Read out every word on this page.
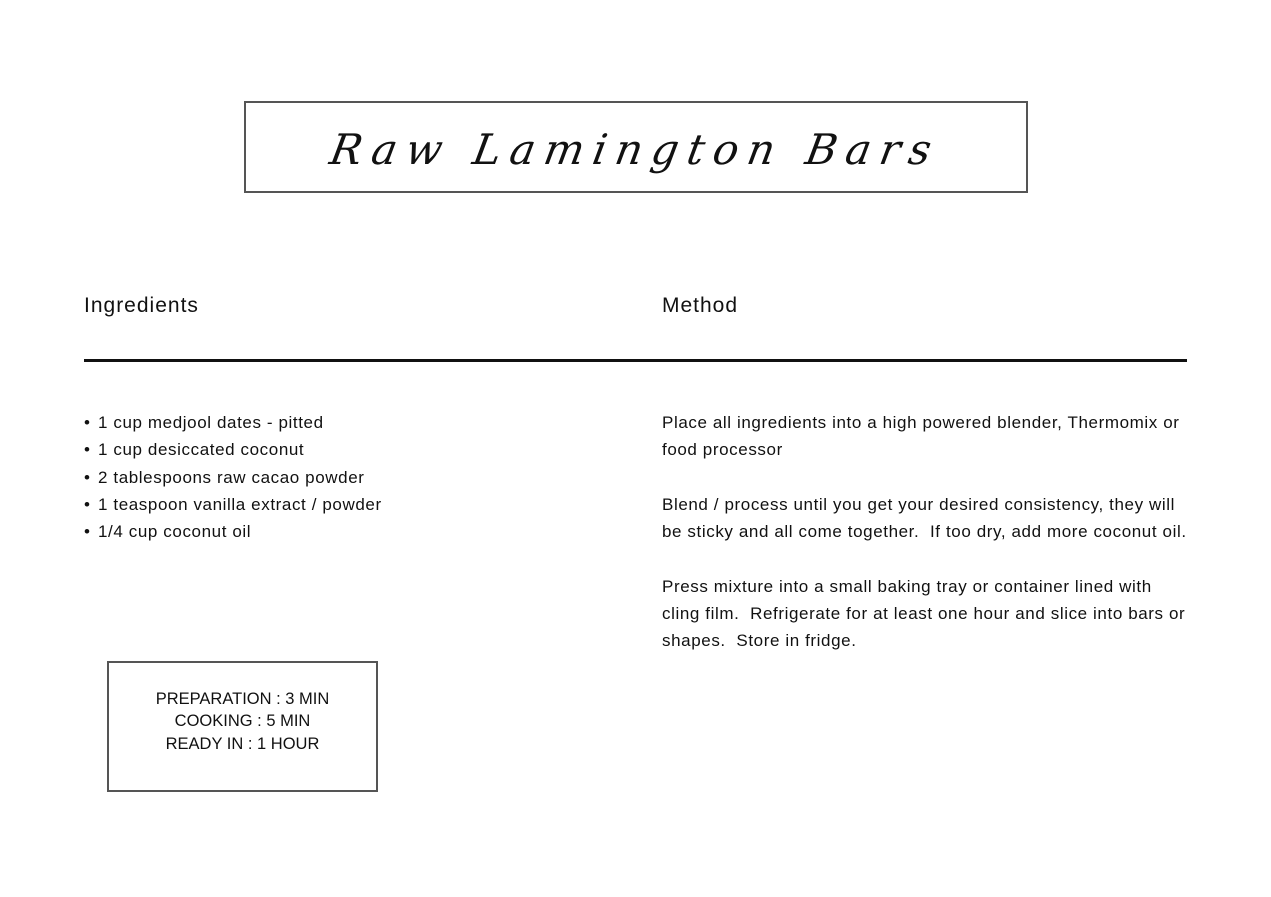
Raw Lamington Bars
Ingredients	Method
• 1 cup medjool dates - pitted
• 1 cup desiccated coconut
• 2 tablespoons raw cacao powder
• 1 teaspoon vanilla extract / powder
• 1/4 cup coconut oil

Place all ingredients into a high powered blender, Thermomix or food processor

Blend / process until you get your desired consistency, they will be sticky and all come together.  If too dry, add more coconut oil.

Press mixture into a small baking tray or container lined with cling film.  Refrigerate for at least one hour and slice into bars or shapes.  Store in fridge.

PREPARATION : 3 MIN
COOKING : 5 MIN
READY IN : 1 HOUR
